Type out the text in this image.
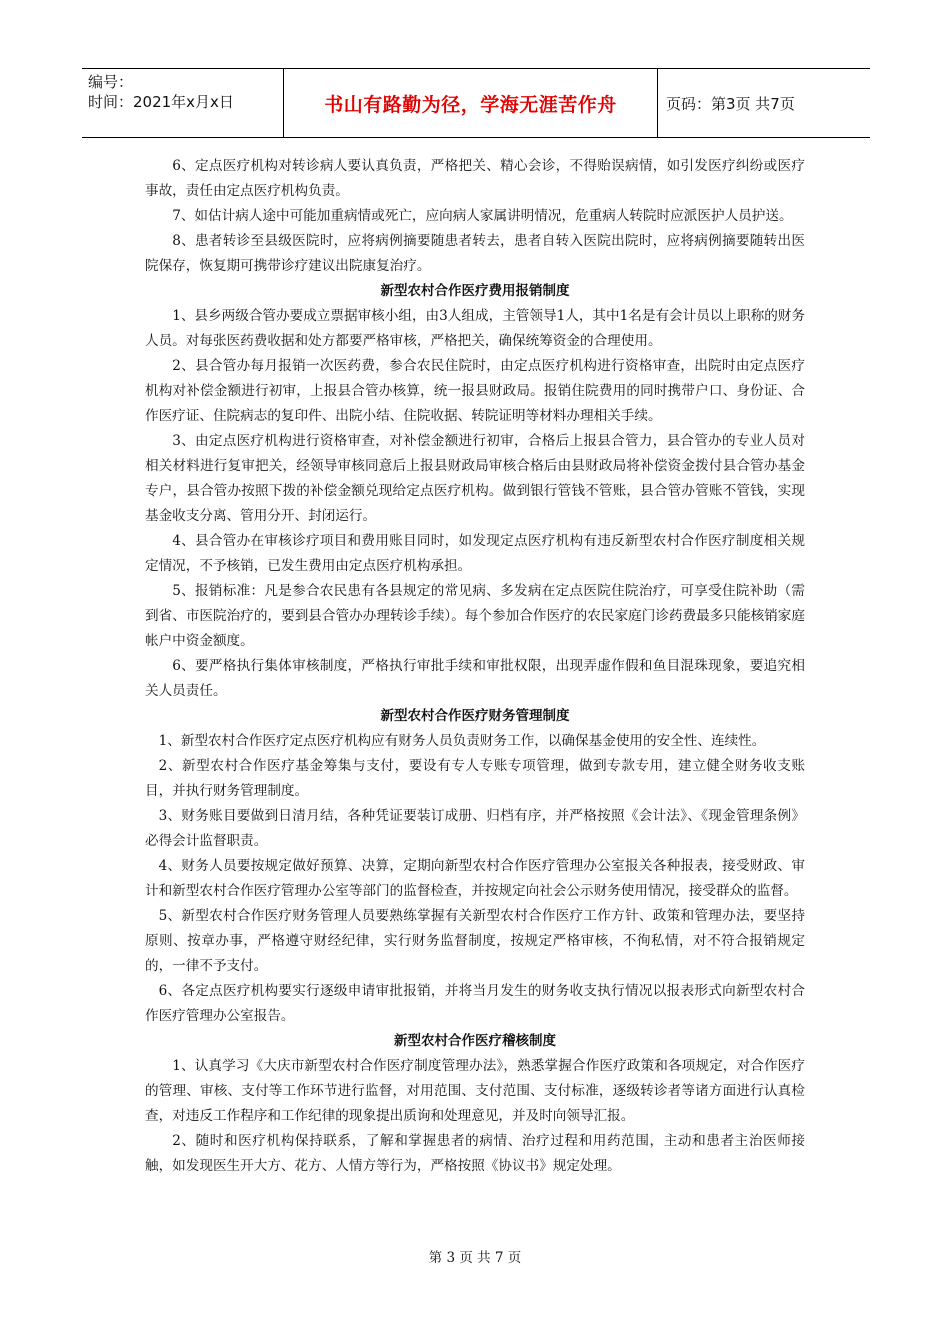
编号：
时间：2021年x月x日	书山有路勤为径，学海无涯苦作舟	页码：第3页 共7页

6、定点医疗机构对转诊病人要认真负责，严格把关、精心会诊，不得贻误病情，如引发医疗纠纷或医疗事故，责任由定点医疗机构负责。

7、如估计病人途中可能加重病情或死亡，应向病人家属讲明情况，危重病人转院时应派医护人员护送。

8、患者转诊至县级医院时，应将病例摘要随患者转去，患者自转入医院出院时，应将病例摘要随转出医院保存，恢复期可携带诊疗建议出院康复治疗。

新型农村合作医疗费用报销制度

1、县乡两级合管办要成立票据审核小组，由3人组成，主管领导1人，其中1名是有会计员以上职称的财务人员。对每张医药费收据和处方都要严格审核，严格把关，确保统筹资金的合理使用。

2、县合管办每月报销一次医药费，参合农民住院时，由定点医疗机构进行资格审查，出院时由定点医疗机构对补偿金额进行初审，上报县合管办核算，统一报县财政局。报销住院费用的同时携带户口、身份证、合作医疗证、住院病志的复印件、出院小结、住院收据、转院证明等材料办理相关手续。

3、由定点医疗机构进行资格审查，对补偿金额进行初审，合格后上报县合管力，县合管办的专业人员对相关材料进行复审把关，经领导审核同意后上报县财政局审核合格后由县财政局将补偿资金拨付县合管办基金专户，县合管办按照下拨的补偿金额兑现给定点医疗机构。做到银行管钱不管账，县合管办管账不管钱，实现基金收支分离、管用分开、封闭运行。

4、县合管办在审核诊疗项目和费用账目同时，如发现定点医疗机构有违反新型农村合作医疗制度相关规定情况，不予核销，已发生费用由定点医疗机构承担。

5、报销标准：凡是参合农民患有各县规定的常见病、多发病在定点医院住院治疗，可享受住院补助（需到省、市医院治疗的，要到县合管办办理转诊手续）。每个参加合作医疗的农民家庭门诊药费最多只能核销家庭帐户中资金额度。

6、要严格执行集体审核制度，严格执行审批手续和审批权限，出现弄虚作假和鱼目混珠现象，要追究相关人员责任。

新型农村合作医疗财务管理制度

1、新型农村合作医疗定点医疗机构应有财务人员负责财务工作，以确保基金使用的安全性、连续性。

2、新型农村合作医疗基金筹集与支付，要设有专人专账专项管理，做到专款专用，建立健全财务收支账目，并执行财务管理制度。

3、财务账目要做到日清月结，各种凭证要装订成册、归档有序，并严格按照《会计法》、《现金管理条例》必得会计监督职责。

4、财务人员要按规定做好预算、决算，定期向新型农村合作医疗管理办公室报关各种报表，接受财政、审计和新型农村合作医疗管理办公室等部门的监督检查，并按规定向社会公示财务使用情况，接受群众的监督。

5、新型农村合作医疗财务管理人员要熟练掌握有关新型农村合作医疗工作方针、政策和管理办法，要坚持原则、按章办事，严格遵守财经纪律，实行财务监督制度，按规定严格审核，不徇私情，对不符合报销规定的，一律不予支付。

6、各定点医疗机构要实行逐级申请审批报销，并将当月发生的财务收支执行情况以报表形式向新型农村合作医疗管理办公室报告。

新型农村合作医疗稽核制度

1、认真学习《大庆市新型农村合作医疗制度管理办法》，熟悉掌握合作医疗政策和各项规定，对合作医疗的管理、审核、支付等工作环节进行监督，对用范围、支付范围、支付标准，逐级转诊者等诸方面进行认真检查，对违反工作程序和工作纪律的现象提出质询和处理意见，并及时向领导汇报。

2、随时和医疗机构保持联系，了解和掌握患者的病情、治疗过程和用药范围，主动和患者主治医师接触，如发现医生开大方、花方、人情方等行为，严格按照《协议书》规定处理。

第 3 页 共 7 页
